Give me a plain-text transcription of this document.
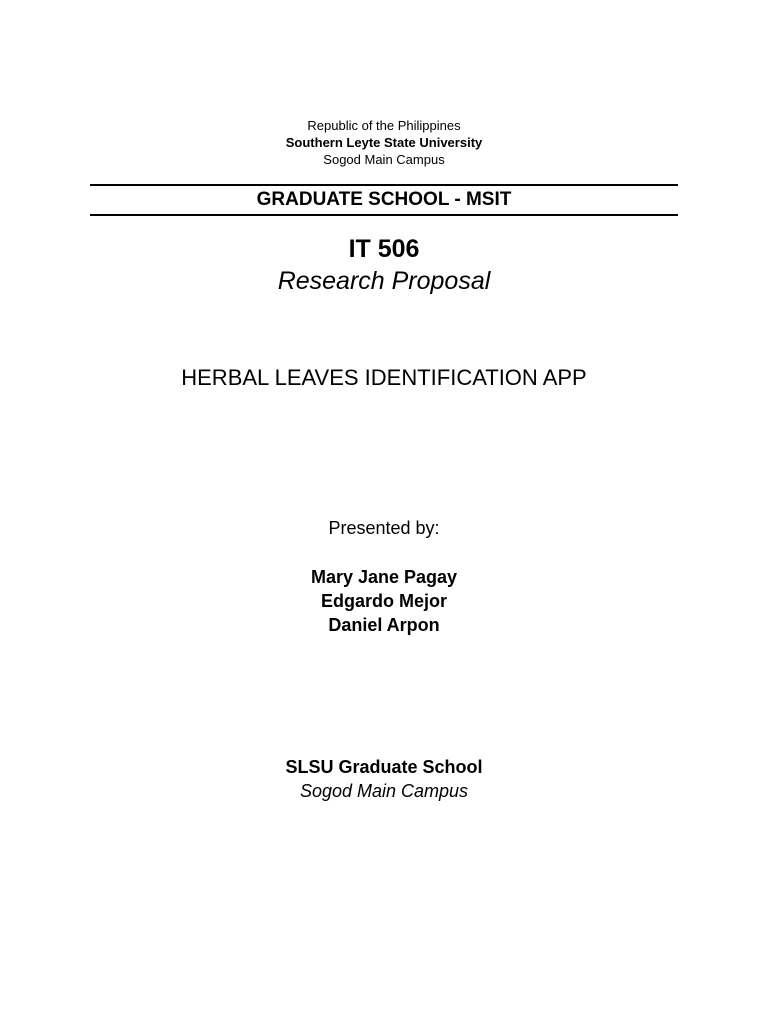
Republic of the Philippines
Southern Leyte State University
Sogod Main Campus
GRADUATE SCHOOL - MSIT
IT 506
Research Proposal
HERBAL LEAVES IDENTIFICATION APP
Presented by:
Mary Jane Pagay
Edgardo Mejor
Daniel Arpon
SLSU Graduate School
Sogod Main Campus
